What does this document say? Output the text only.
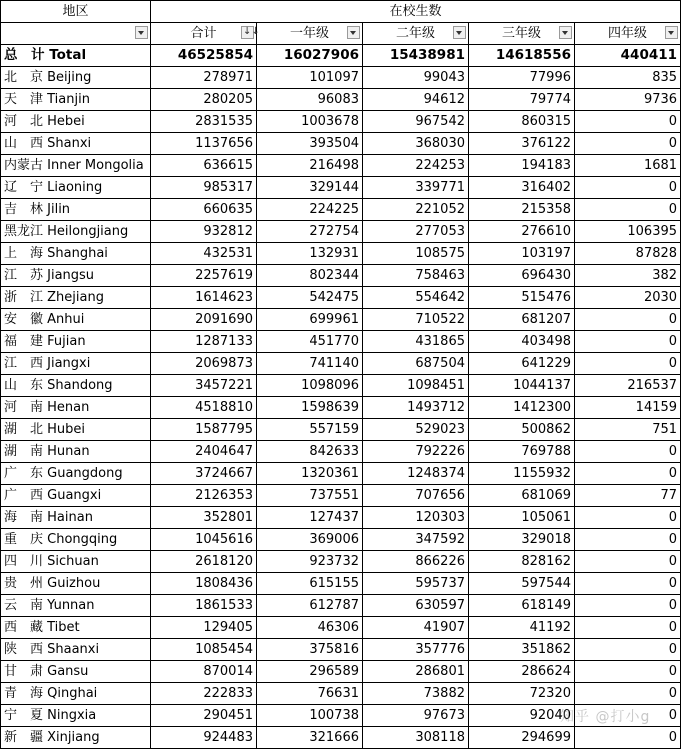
地区	在校生数				

	合计 ↓↓	一年级	二年级	三年级	四年级

总　计 Total	46525854	16027906	15438981	14618556	440411
北　京 Beijing	278971	101097	99043	77996	835
天　津 Tianjin	280205	96083	94612	79774	9736
河　北 Hebei	2831535	1003678	967542	860315	0
山　西 Shanxi	1137656	393504	368030	376122	0
内蒙古 Inner Mongolia	636615	216498	224253	194183	1681
辽　宁 Liaoning	985317	329144	339771	316402	0
吉　林 Jilin	660635	224225	221052	215358	0
黑龙江 Heilongjiang	932812	272754	277053	276610	106395
上　海 Shanghai	432531	132931	108575	103197	87828
江　苏 Jiangsu	2257619	802344	758463	696430	382
浙　江 Zhejiang	1614623	542475	554642	515476	2030
安　徽 Anhui	2091690	699961	710522	681207	0
福　建 Fujian	1287133	451770	431865	403498	0
江　西 Jiangxi	2069873	741140	687504	641229	0
山　东 Shandong	3457221	1098096	1098451	1044137	216537
河　南 Henan	4518810	1598639	1493712	1412300	14159
湖　北 Hubei	1587795	557159	529023	500862	751
湖　南 Hunan	2404647	842633	792226	769788	0
广　东 Guangdong	3724667	1320361	1248374	1155932	0
广　西 Guangxi	2126353	737551	707656	681069	77
海　南 Hainan	352801	127437	120303	105061	0
重　庆 Chongqing	1045616	369006	347592	329018	0
四　川 Sichuan	2618120	923732	866226	828162	0
贵　州 Guizhou	1808436	615155	595737	597544	0
云　南 Yunnan	1861533	612787	630597	618149	0
西　藏 Tibet	129405	46306	41907	41192	0
陕　西 Shaanxi	1085454	375816	357776	351862	0
甘　肃 Gansu	870014	296589	286801	286624	0
青　海 Qinghai	222833	76631	73882	72320	0
宁　夏 Ningxia	290451	100738	97673	92040	0
新　疆 Xinjiang	924483	321666	308118	294699	0
知乎 @打小g
